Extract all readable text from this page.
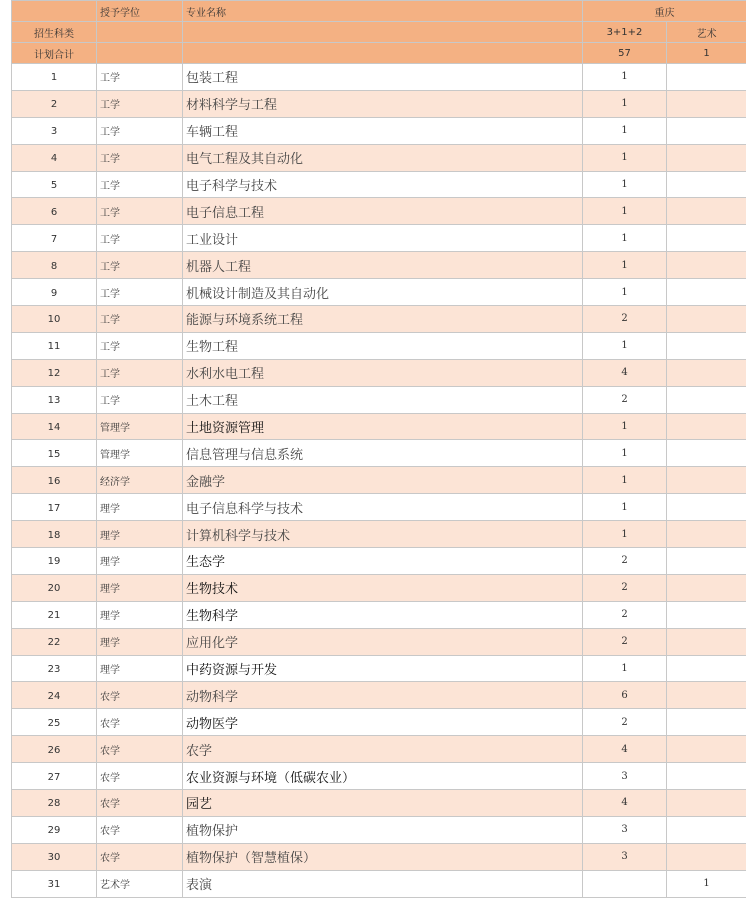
	授予学位	专业名称	重庆	
招生科类			3+1+2	艺术
计划合计			57	1
1	工学	包装工程	1	
2	工学	材料科学与工程	1	
3	工学	车辆工程	1	
4	工学	电气工程及其自动化	1	
5	工学	电子科学与技术	1	
6	工学	电子信息工程	1	
7	工学	工业设计	1	
8	工学	机器人工程	1	
9	工学	机械设计制造及其自动化	1	
10	工学	能源与环境系统工程	2	
11	工学	生物工程	1	
12	工学	水利水电工程	4	
13	工学	土木工程	2	
14	管理学	土地资源管理	1	
15	管理学	信息管理与信息系统	1	
16	经济学	金融学	1	
17	理学	电子信息科学与技术	1	
18	理学	计算机科学与技术	1	
19	理学	生态学	2	
20	理学	生物技术	2	
21	理学	生物科学	2	
22	理学	应用化学	2	
23	理学	中药资源与开发	1	
24	农学	动物科学	6	
25	农学	动物医学	2	
26	农学	农学	4	
27	农学	农业资源与环境（低碳农业）	3	
28	农学	园艺	4	
29	农学	植物保护	3	
30	农学	植物保护（智慧植保）	3	
31	艺术学	表演		1
